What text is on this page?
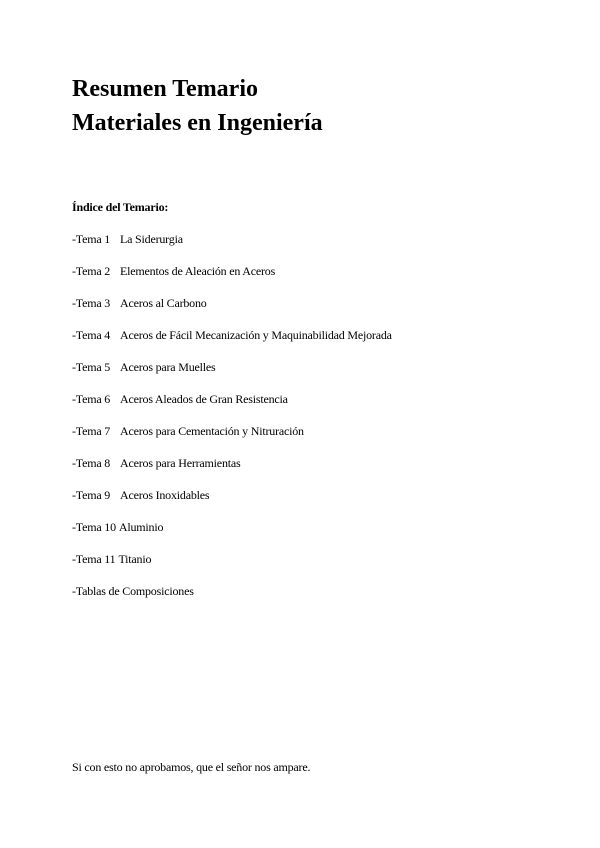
Resumen Temario
Materiales en Ingeniería
Índice del Temario:
-Tema 1 La Siderurgia
-Tema 2 Elementos de Aleación en Aceros
-Tema 3 Aceros al Carbono
-Tema 4 Aceros de Fácil Mecanización y Maquinabilidad Mejorada
-Tema 5 Aceros para Muelles
-Tema 6 Aceros Aleados de Gran Resistencia
-Tema 7 Aceros para Cementación y Nitruración
-Tema 8 Aceros para Herramientas
-Tema 9 Aceros Inoxidables
-Tema 10 Aluminio
-Tema 11 Titanio
-Tablas de Composiciones
Si con esto no aprobamos, que el señor nos ampare.
